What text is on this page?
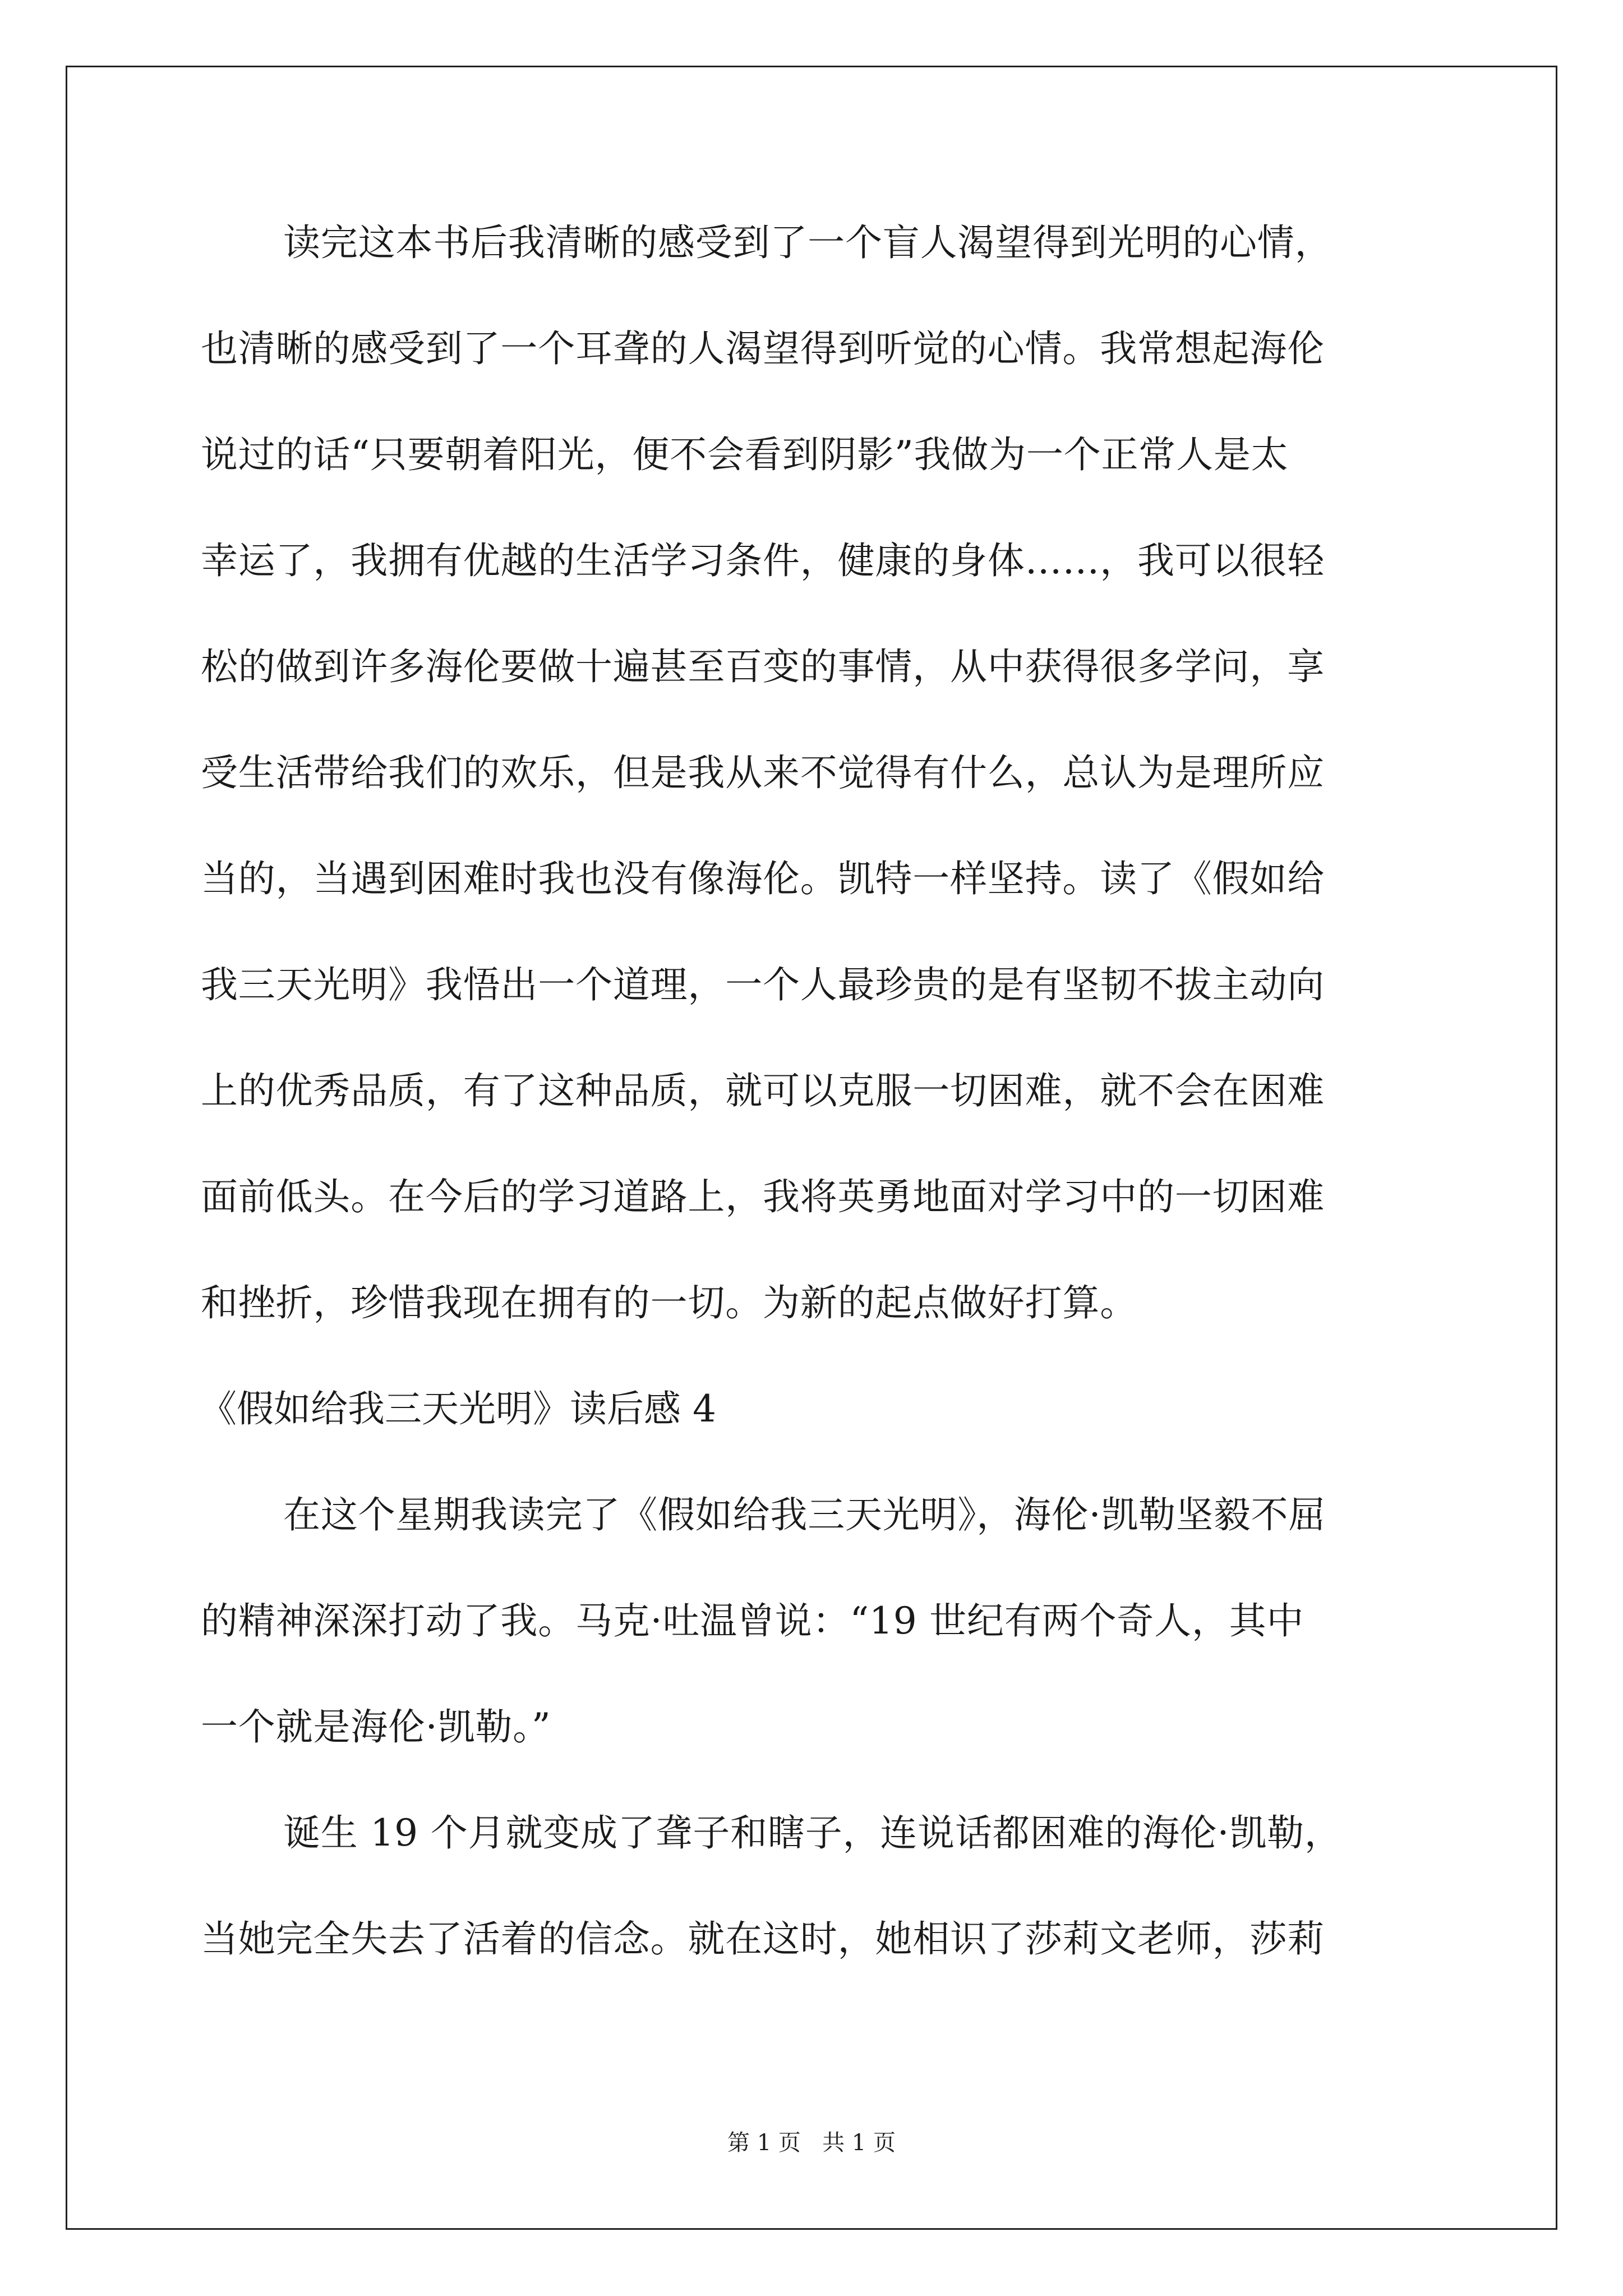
读完这本书后我清晰的感受到了一个盲人渴望得到光明的心情，
也清晰的感受到了一个耳聋的人渴望得到听觉的心情。我常想起海伦
说过的话“只要朝着阳光，便不会看到阴影”我做为一个正常人是太
幸运了，我拥有优越的生活学习条件，健康的身体……，我可以很轻
松的做到许多海伦要做十遍甚至百变的事情，从中获得很多学问，享
受生活带给我们的欢乐，但是我从来不觉得有什么，总认为是理所应
当的，当遇到困难时我也没有像海伦。凯特一样坚持。读了《假如给
我三天光明》我悟出一个道理，一个人最珍贵的是有坚韧不拔主动向
上的优秀品质，有了这种品质，就可以克服一切困难，就不会在困难
面前低头。在今后的学习道路上，我将英勇地面对学习中的一切困难
和挫折，珍惜我现在拥有的一切。为新的起点做好打算。
《假如给我三天光明》读后感 4
在这个星期我读完了《假如给我三天光明》，海伦·凯勒坚毅不屈
的精神深深打动了我。马克·吐温曾说：“19 世纪有两个奇人，其中
一个就是海伦·凯勒。”
诞生 19 个月就变成了聋子和瞎子，连说话都困难的海伦·凯勒，
当她完全失去了活着的信念。就在这时，她相识了莎莉文老师，莎莉
第 1 页   共 1 页
